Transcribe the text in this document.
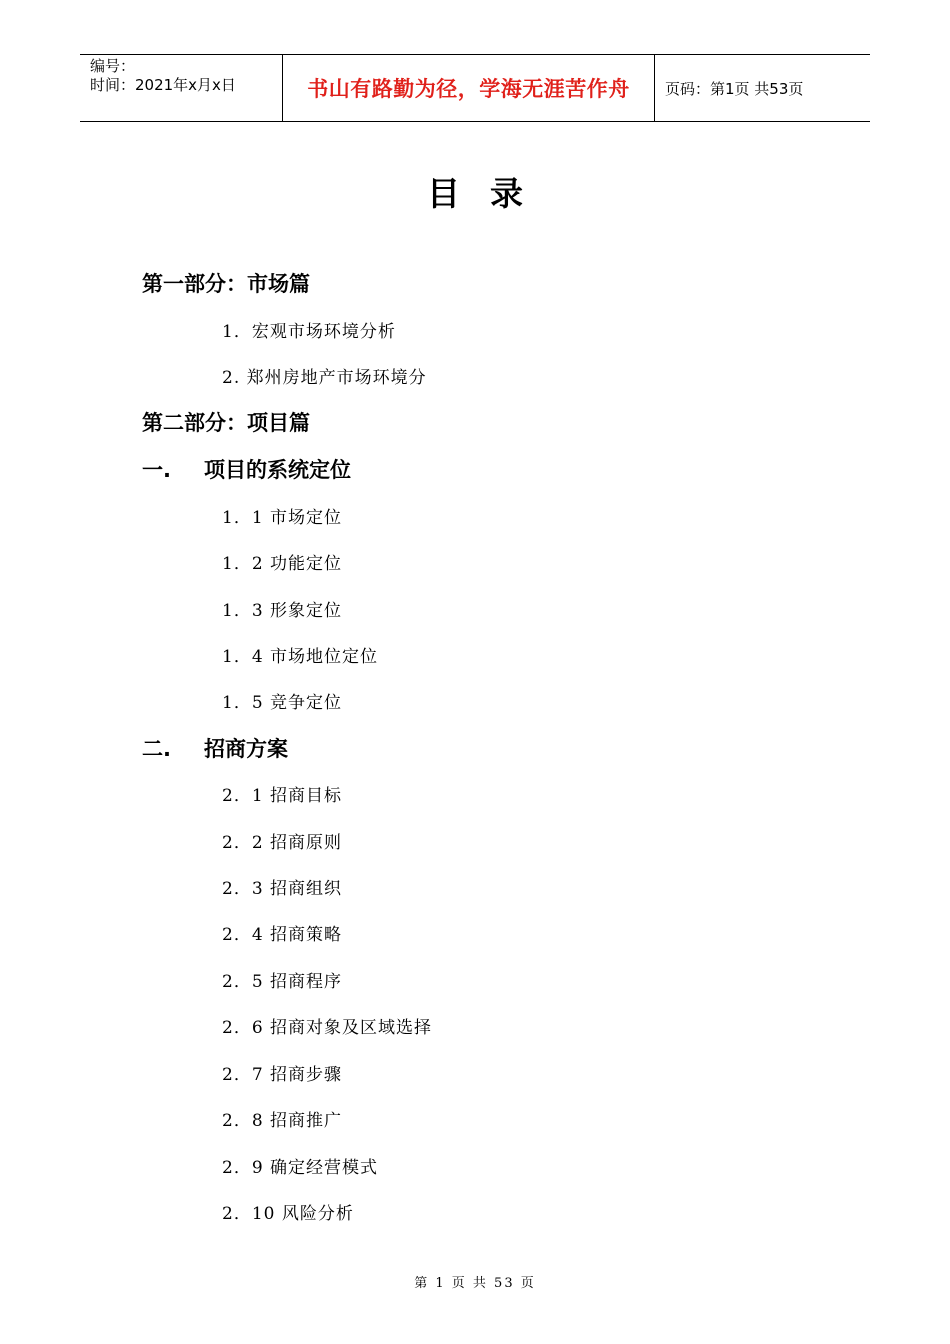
编号：
时间：2021年x月x日	书山有路勤为径，学海无涯苦作舟 页码：第1页 共53页
目录
第一部分：市场篇
1．宏观市场环境分析
2. 郑州房地产市场环境分
第二部分：项目篇
一. 项目的系统定位
1．1 市场定位
1．2 功能定位
1．3 形象定位
1．4 市场地位定位
1．5 竞争定位
二. 招商方案
2．1 招商目标
2．2 招商原则
2．3 招商组织
2．4 招商策略
2．5 招商程序
2．6 招商对象及区域选择
2．7 招商步骤
2．8 招商推广
2．9 确定经营模式
2．10 风险分析
第 1 页 共 53 页
